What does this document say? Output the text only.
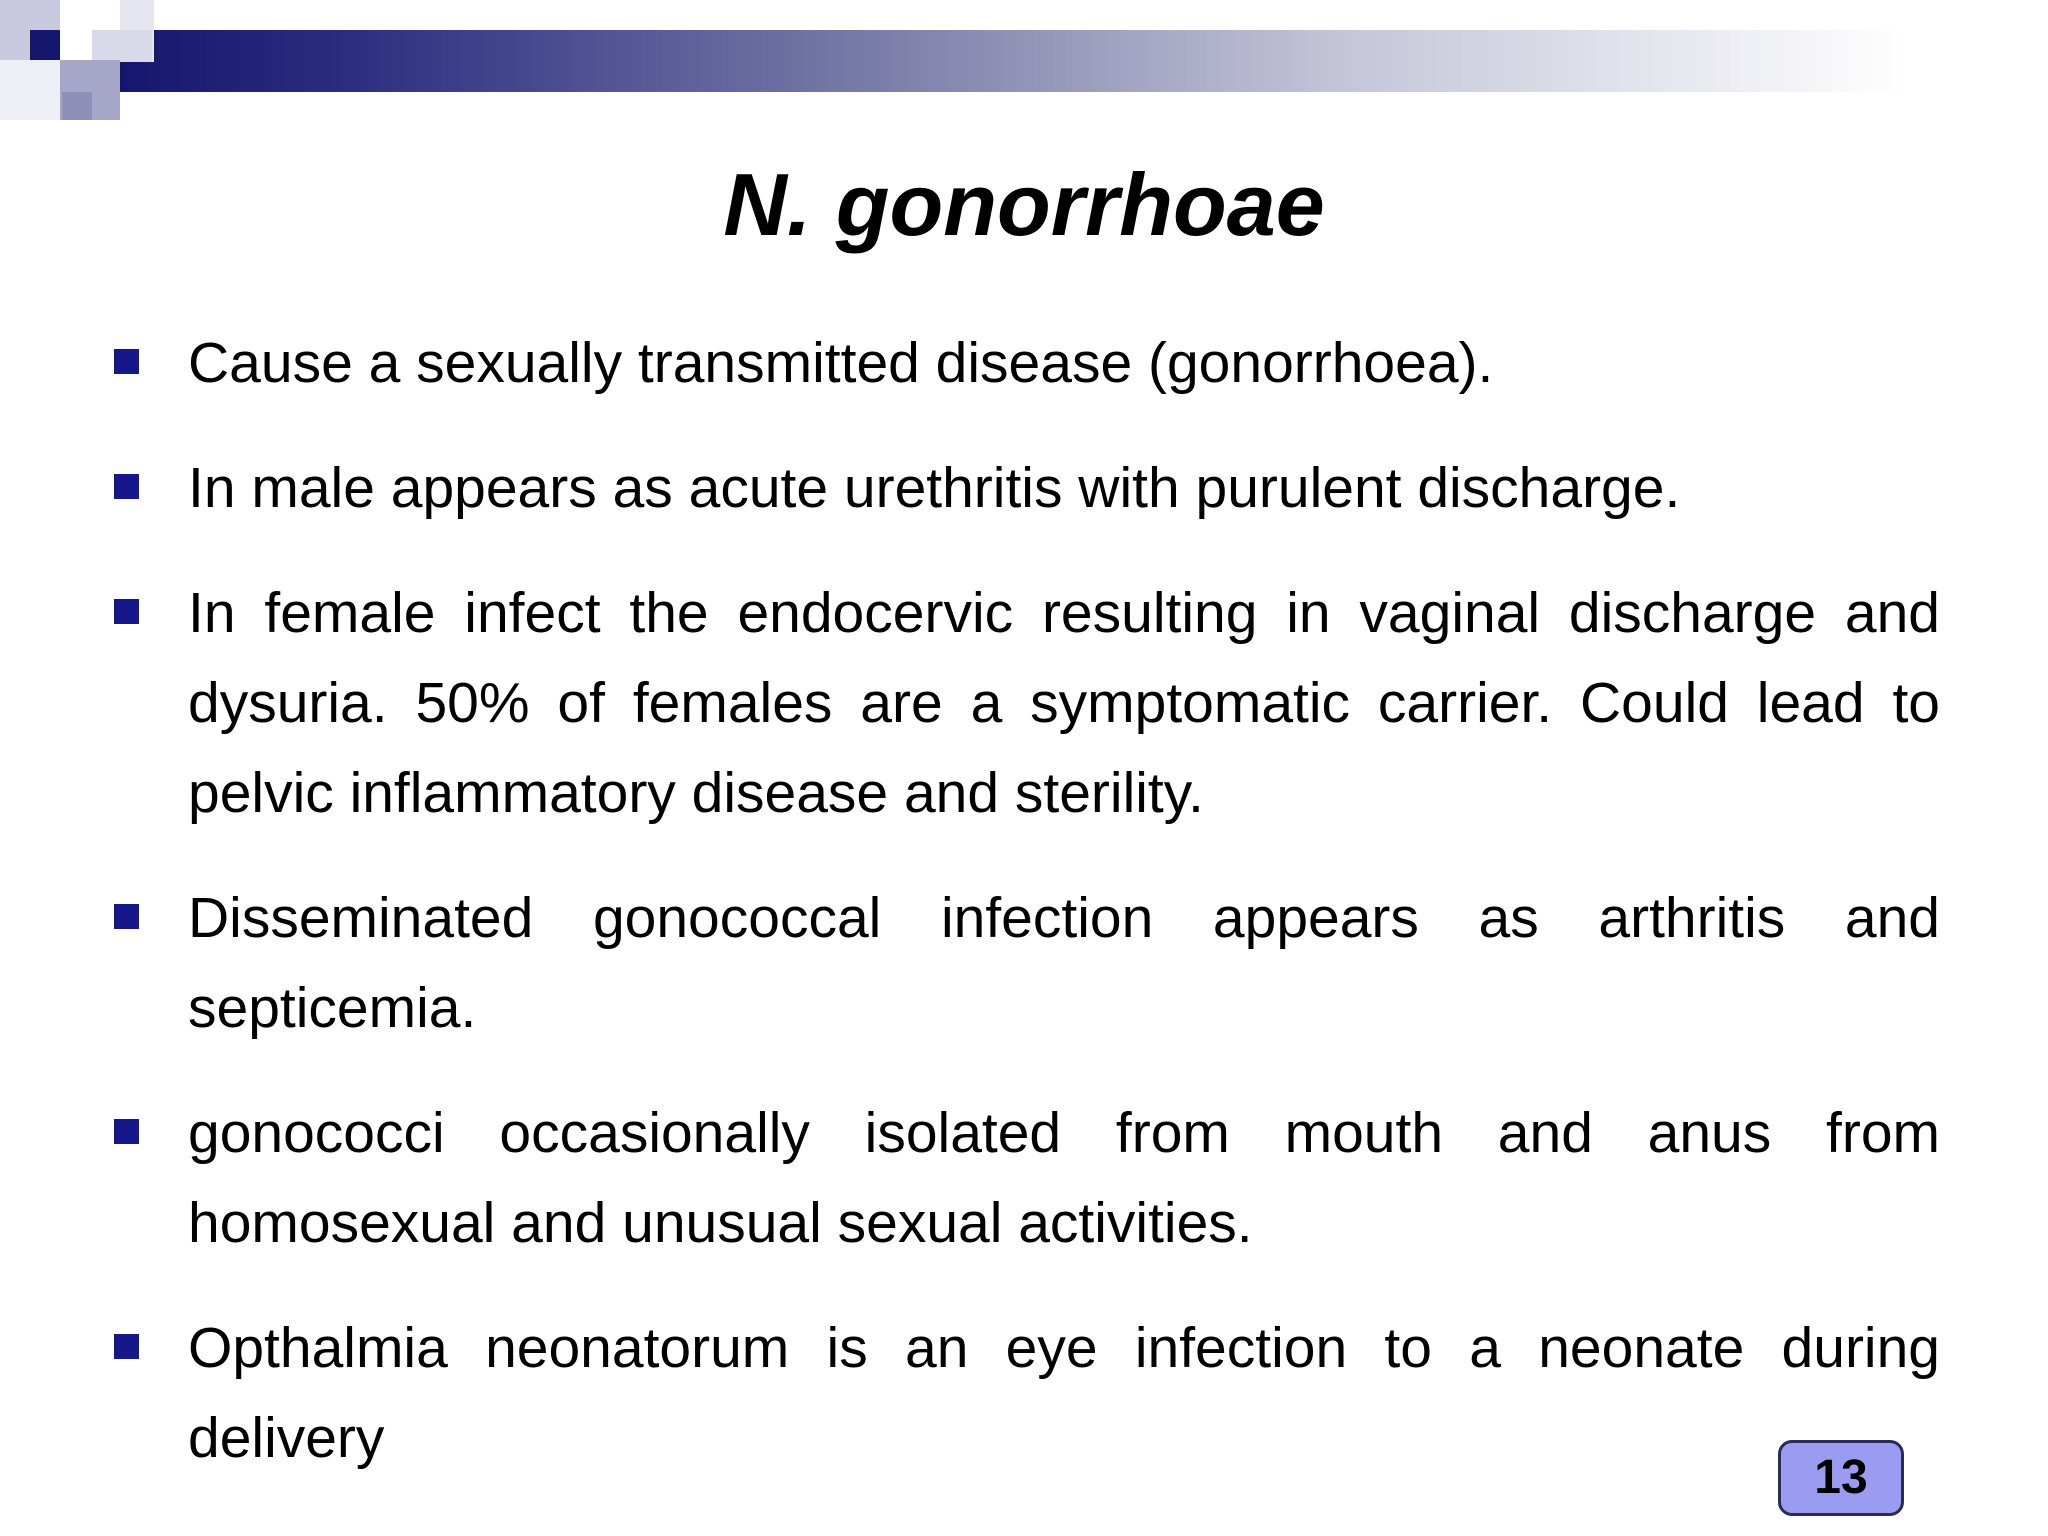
N. gonorrhoae
Cause a sexually transmitted disease (gonorrhoea).
In male appears as acute urethritis with purulent discharge.
In female infect the endocervic resulting in vaginal discharge and dysuria. 50% of females are a symptomatic carrier. Could lead to pelvic inflammatory disease and sterility.
Disseminated gonococcal infection appears as arthritis and septicemia.
gonococci occasionally isolated from mouth and anus from homosexual and unusual sexual activities.
Opthalmia neonatorum is an eye infection to a neonate during delivery
13
